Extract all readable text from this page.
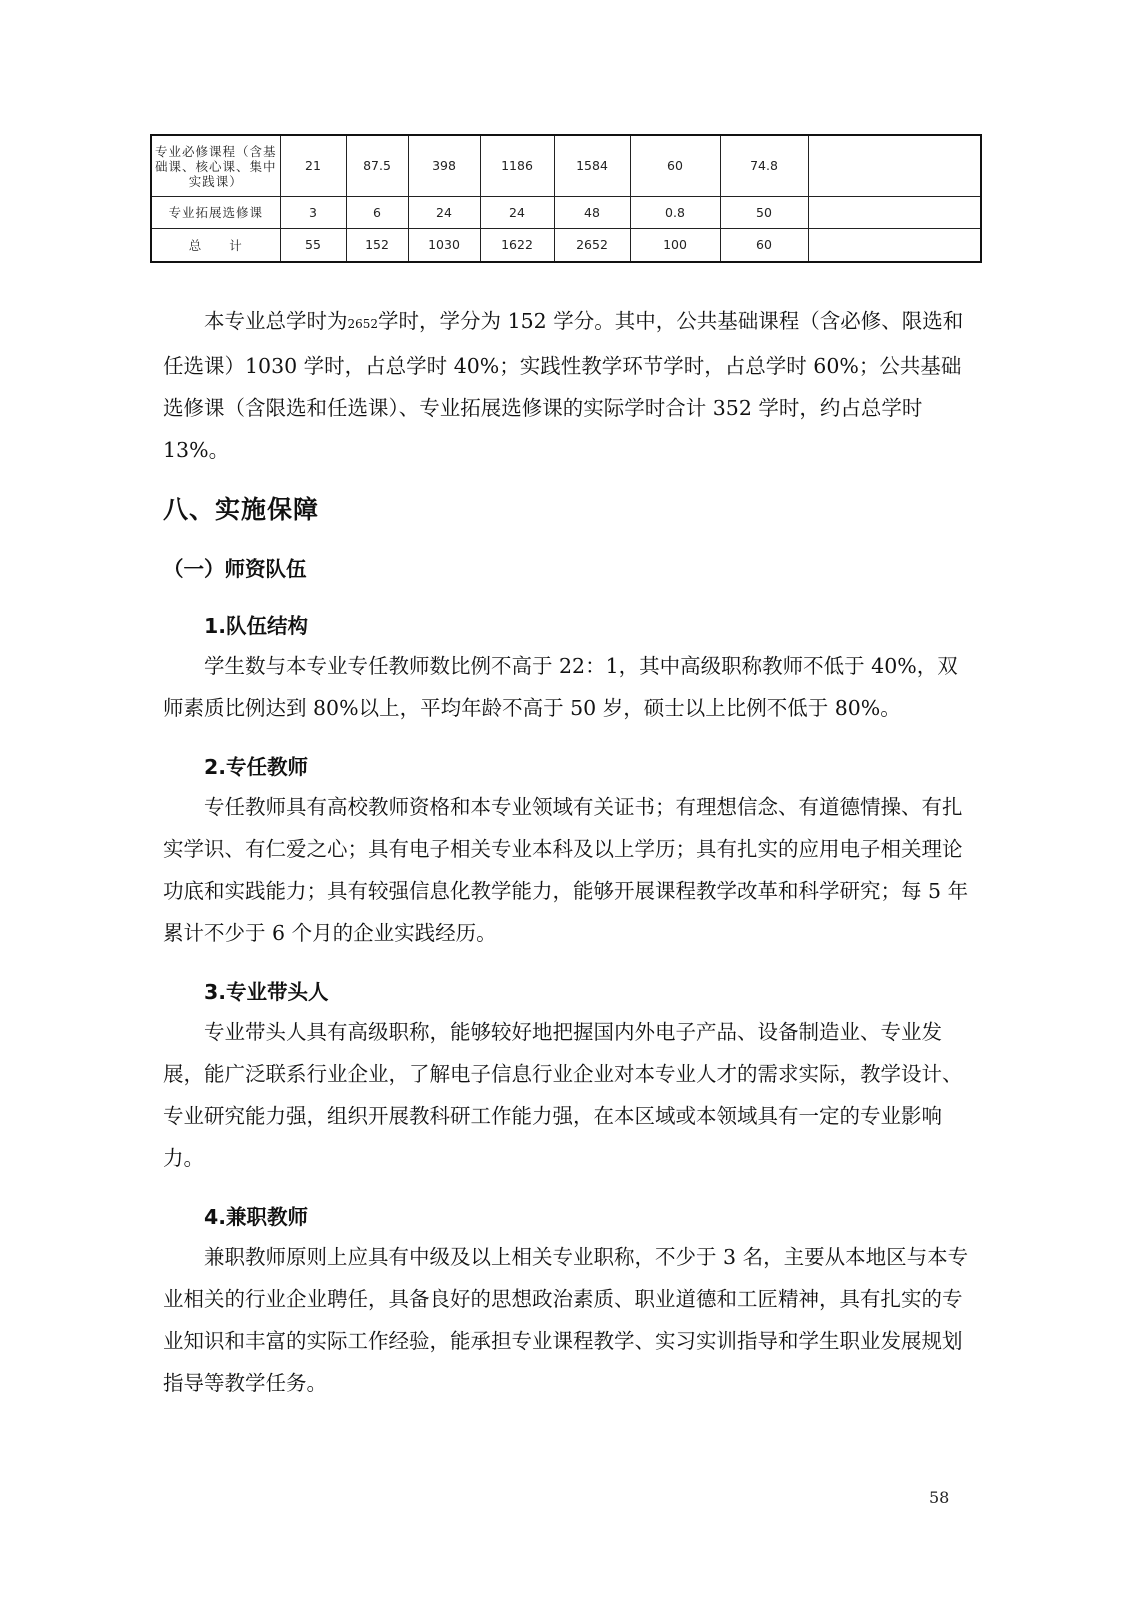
专业必修课程（含基础课、核心课、集中实践课）	21	87.5	398	1186	1584	60	74.8	
专业拓展选修课	3	6	24	24	48	0.8	50	
总　　计	55	152	1030	1622	2652	100	60	

本专业总学时为2652学时，学分为 152 学分。其中，公共基础课程（含必修、限选和任选课）1030 学时，占总学时 40%；实践性教学环节学时，占总学时 60%；公共基础选修课（含限选和任选课）、专业拓展选修课的实际学时合计 352 学时，约占总学时 13%。

八、实施保障
（一）师资队伍
1.队伍结构

学生数与本专业专任教师数比例不高于 22：1，其中高级职称教师不低于 40%，双师素质比例达到 80%以上，平均年龄不高于 50 岁，硕士以上比例不低于 80%。

2.专任教师

专任教师具有高校教师资格和本专业领域有关证书；有理想信念、有道德情操、有扎实学识、有仁爱之心；具有电子相关专业本科及以上学历；具有扎实的应用电子相关理论功底和实践能力；具有较强信息化教学能力，能够开展课程教学改革和科学研究；每 5 年累计不少于 6 个月的企业实践经历。

3.专业带头人

专业带头人具有高级职称，能够较好地把握国内外电子产品、设备制造业、专业发展，能广泛联系行业企业，了解电子信息行业企业对本专业人才的需求实际，教学设计、专业研究能力强，组织开展教科研工作能力强，在本区域或本领域具有一定的专业影响力。

4.兼职教师

兼职教师原则上应具有中级及以上相关专业职称，不少于 3 名，主要从本地区与本专业相关的行业企业聘任，具备良好的思想政治素质、职业道德和工匠精神，具有扎实的专业知识和丰富的实际工作经验，能承担专业课程教学、实习实训指导和学生职业发展规划指导等教学任务。

58
